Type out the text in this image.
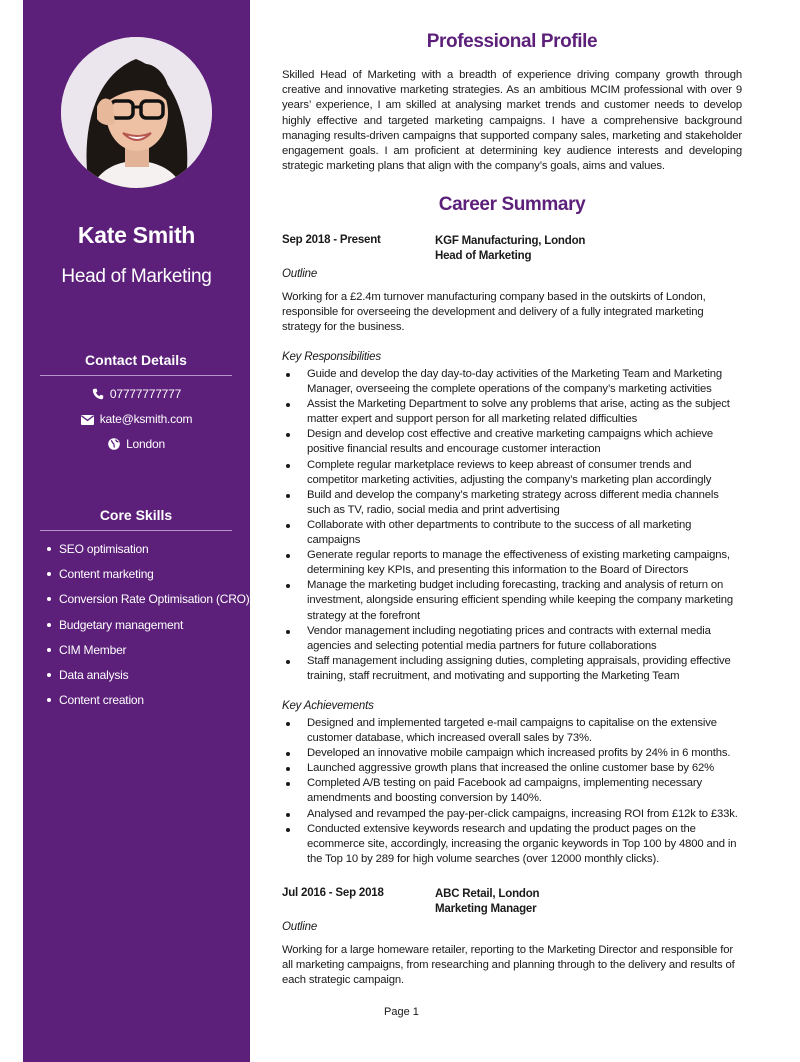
Kate Smith
Head of Marketing
Contact Details
07777777777
kate@ksmith.com
London
Core Skills
SEO optimisation
Content marketing
Conversion Rate Optimisation (CRO)
Budgetary management
CIM Member
Data analysis
Content creation
Professional Profile
Skilled Head of Marketing with a breadth of experience driving company growth through creative and innovative marketing strategies. As an ambitious MCIM professional with over 9 years’ experience, I am skilled at analysing market trends and customer needs to develop highly effective and targeted marketing campaigns. I have a comprehensive background managing results-driven campaigns that supported company sales, marketing and stakeholder engagement goals. I am proficient at determining key audience interests and developing strategic marketing plans that align with the company’s goals, aims and values.
Career Summary
Sep 2018 - Present	KGF Manufacturing, London
Head of Marketing
Outline
Working for a £2.4m turnover manufacturing company based in the outskirts of London, responsible for overseeing the development and delivery of a fully integrated marketing strategy for the business.
Key Responsibilities
Guide and develop the day day-to-day activities of the Marketing Team and Marketing Manager, overseeing the complete operations of the company’s marketing activities
Assist the Marketing Department to solve any problems that arise, acting as the subject matter expert and support person for all marketing related difficulties
Design and develop cost effective and creative marketing campaigns which achieve positive financial results and encourage customer interaction
Complete regular marketplace reviews to keep abreast of consumer trends and competitor marketing activities, adjusting the company’s marketing plan accordingly
Build and develop the company’s marketing strategy across different media channels such as TV, radio, social media and print advertising
Collaborate with other departments to contribute to the success of all marketing campaigns
Generate regular reports to manage the effectiveness of existing marketing campaigns, determining key KPIs, and presenting this information to the Board of Directors
Manage the marketing budget including forecasting, tracking and analysis of return on investment, alongside ensuring efficient spending while keeping the company marketing strategy at the forefront
Vendor management including negotiating prices and contracts with external media agencies and selecting potential media partners for future collaborations
Staff management including assigning duties, completing appraisals, providing effective training, staff recruitment, and motivating and supporting the Marketing Team
Key Achievements
Designed and implemented targeted e-mail campaigns to capitalise on the extensive customer database, which increased overall sales by 73%.
Developed an innovative mobile campaign which increased profits by 24% in 6 months.
Launched aggressive growth plans that increased the online customer base by 62%
Completed A/B testing on paid Facebook ad campaigns, implementing necessary amendments and boosting conversion by 140%.
Analysed and revamped the pay-per-click campaigns, increasing ROI from £12k to £33k.
Conducted extensive keywords research and updating the product pages on the ecommerce site, accordingly, increasing the organic keywords in Top 100 by 4800 and in the Top 10 by 289 for high volume searches (over 12000 monthly clicks).
Jul 2016 - Sep 2018	ABC Retail, London
Marketing Manager
Outline
Working for a large homeware retailer, reporting to the Marketing Director and responsible for all marketing campaigns, from researching and planning through to the delivery and results of each strategic campaign.
Page 1
